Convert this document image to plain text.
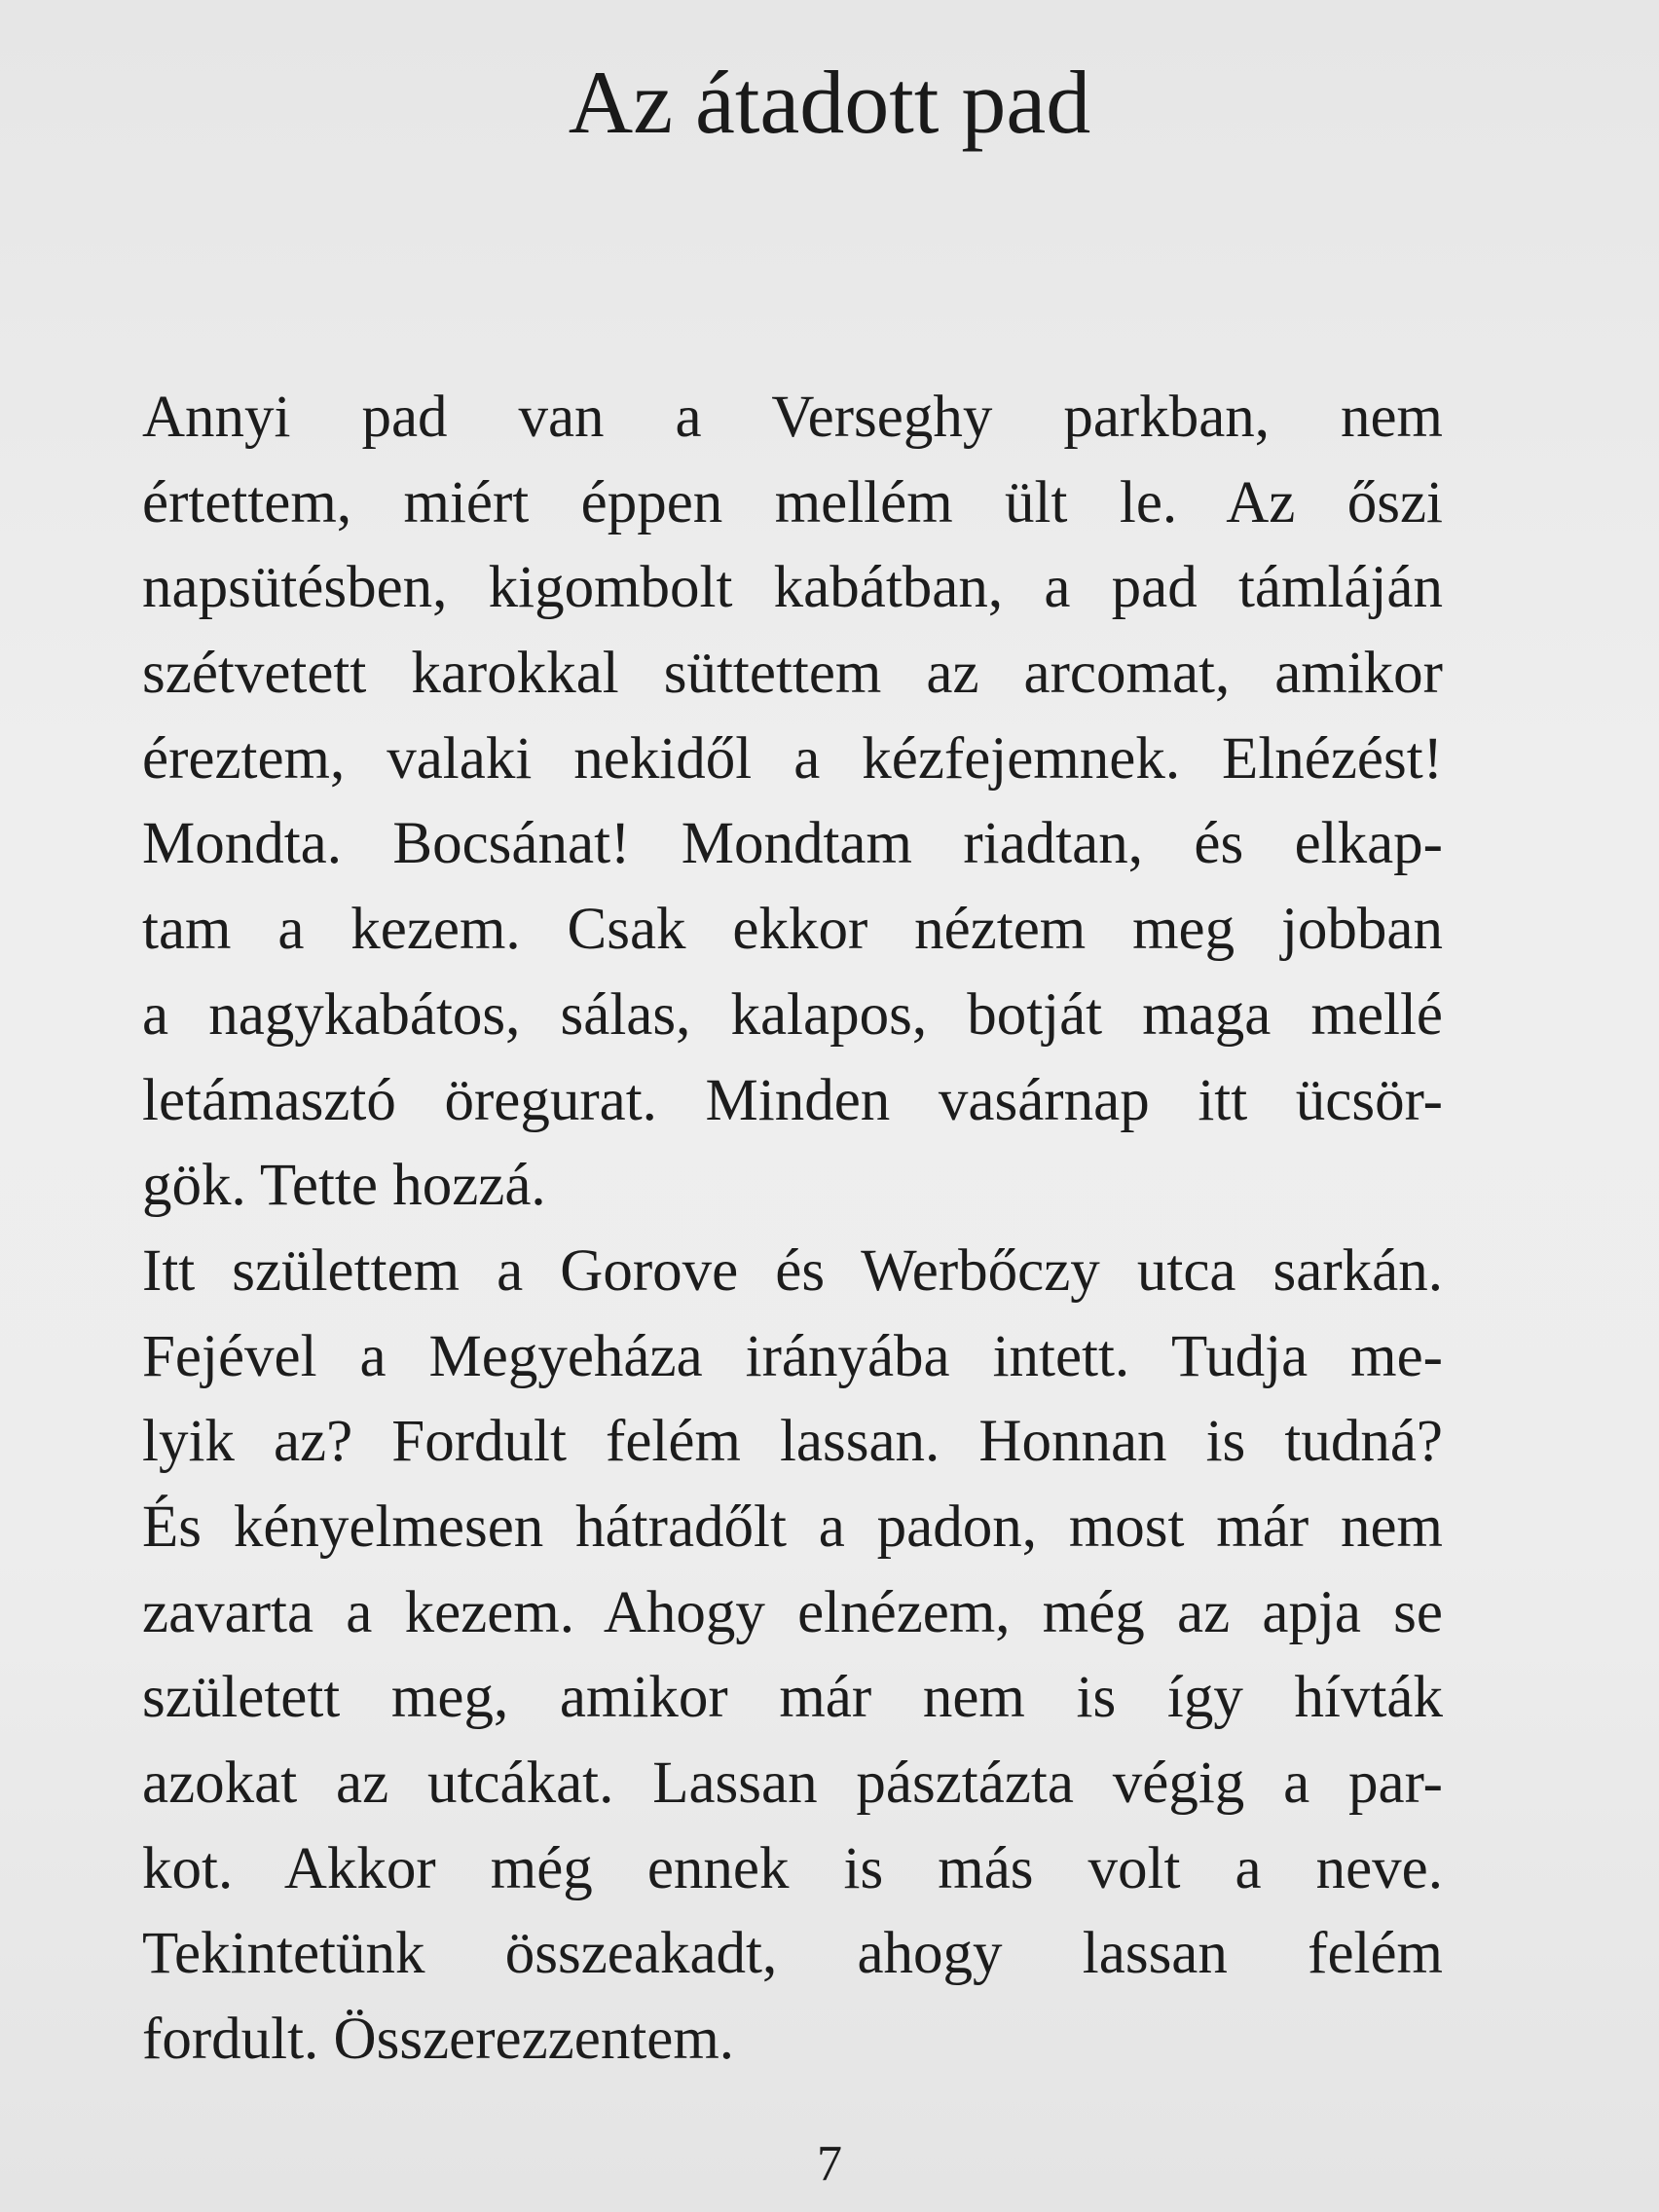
Az átadott pad
Annyi pad van a Verseghy parkban, nem
értettem, miért éppen mellém ült le. Az őszi
napsütésben, kigombolt kabátban, a pad támláján
szétvetett karokkal süttettem az arcomat, amikor
éreztem, valaki nekidől a kézfejemnek. Elnézést!
Mondta. Bocsánat! Mondtam riadtan, és elkap-
tam a kezem. Csak ekkor néztem meg jobban
a nagykabátos, sálas, kalapos, botját maga mellé
letámasztó öregurat. Minden vasárnap itt ücsör-
gök. Tette hozzá.
Itt születtem a Gorove és Werbőczy utca sarkán.
Fejével a Megyeháza irányába intett. Tudja me-
lyik az? Fordult felém lassan. Honnan is tudná?
És kényelmesen hátradőlt a padon, most már nem
zavarta a kezem. Ahogy elnézem, még az apja se
született meg, amikor már nem is így hívták
azokat az utcákat. Lassan pásztázta végig a par-
kot. Akkor még ennek is más volt a neve.
Tekintetünk összeakadt, ahogy lassan felém
fordult. Összerezzentem.
7
